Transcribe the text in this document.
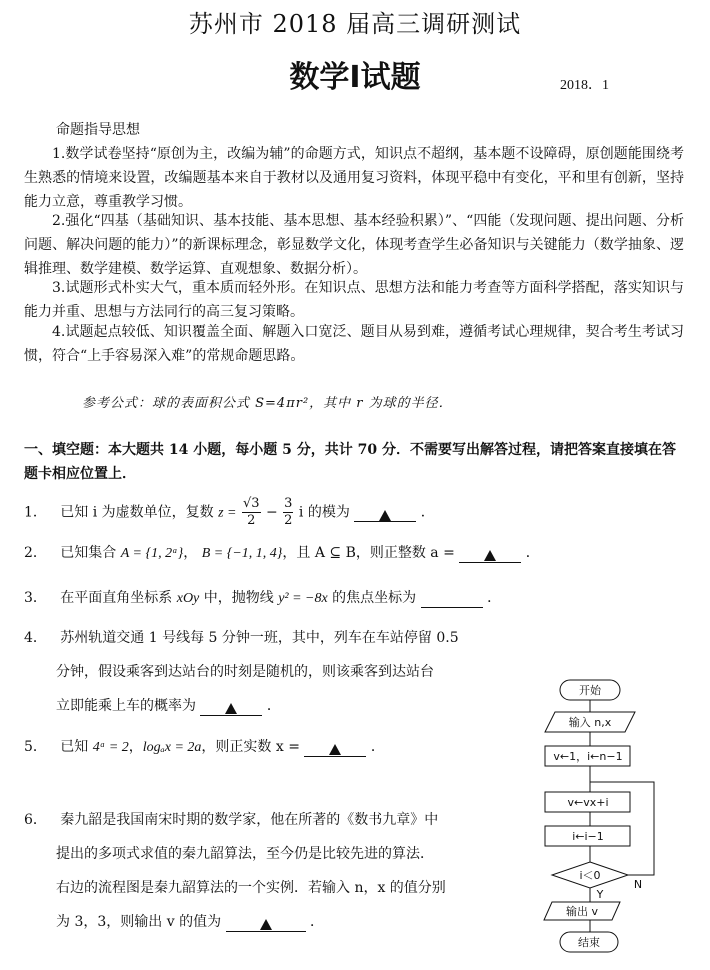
苏州市 2018 届高三调研测试
数学Ⅰ试题	2018．1
命题指导思想
1.数学试卷坚持“原创为主，改编为辅”的命题方式，知识点不超纲，基本题不设障碍，原创题能围绕考生熟悉的情境来设置，改编题基本来自于教材以及通用复习资料，体现平稳中有变化，平和里有创新，坚持能力立意，尊重教学习惯。
2.强化“四基（基础知识、基本技能、基本思想、基本经验积累）”、“四能（发现问题、提出问题、分析问题、解决问题的能力）”的新课标理念，彰显数学文化，体现考查学生必备知识与关键能力（数学抽象、逻辑推理、数学建模、数学运算、直观想象、数据分析）。
3.试题形式朴实大气，重本质而轻外形。在知识点、思想方法和能力考查等方面科学搭配，落实知识与能力并重、思想与方法同行的高三复习策略。
4.试题起点较低、知识覆盖全面、解题入口宽泛、题目从易到难，遵循考试心理规律，契合考生考试习惯，符合“上手容易深入难”的常规命题思路。
参考公式：球的表面积公式 S=4πr²，其中 r 为球的半径．
一、填空题：本大题共 14 小题，每小题 5 分，共计 70 分．不需要写出解答过程，请把答案直接填在答题卡相应位置上．
1． 已知 i 为虚数单位，复数 $z = \frac{√3}{2} - \frac{3}{2}$ i 的模为	．
2． 已知集合 A = {1, 2ᵃ}， B = {−1, 1, 4}，且 A ⊆ B，则正整数 a =	．
3． 在平面直角坐标系 xOy 中，抛物线 y² = −8x 的焦点坐标为	．
4． 苏州轨道交通 1 号线每 5 分钟一班，其中，列车在车站停留 0.5
分钟，假设乘客到达站台的时刻是随机的，则该乘客到达站台
立即能乘上车的概率为	．
5． 已知 4ᵃ = 2，logₐx = 2a，则正实数 x =	．
6． 秦九韶是我国南宋时期的数学家，他在所著的《数书九章》中
提出的多项式求值的秦九韶算法，至今仍是比较先进的算法．
右边的流程图是秦九韶算法的一个实例．若输入 n，x 的值分别
为 3，3，则输出 v 的值为	．
开始
输入 n,x
v←1，i←n−1
v←vx+i
i←i−1
i＜0
Y
N
输出 v
结束
